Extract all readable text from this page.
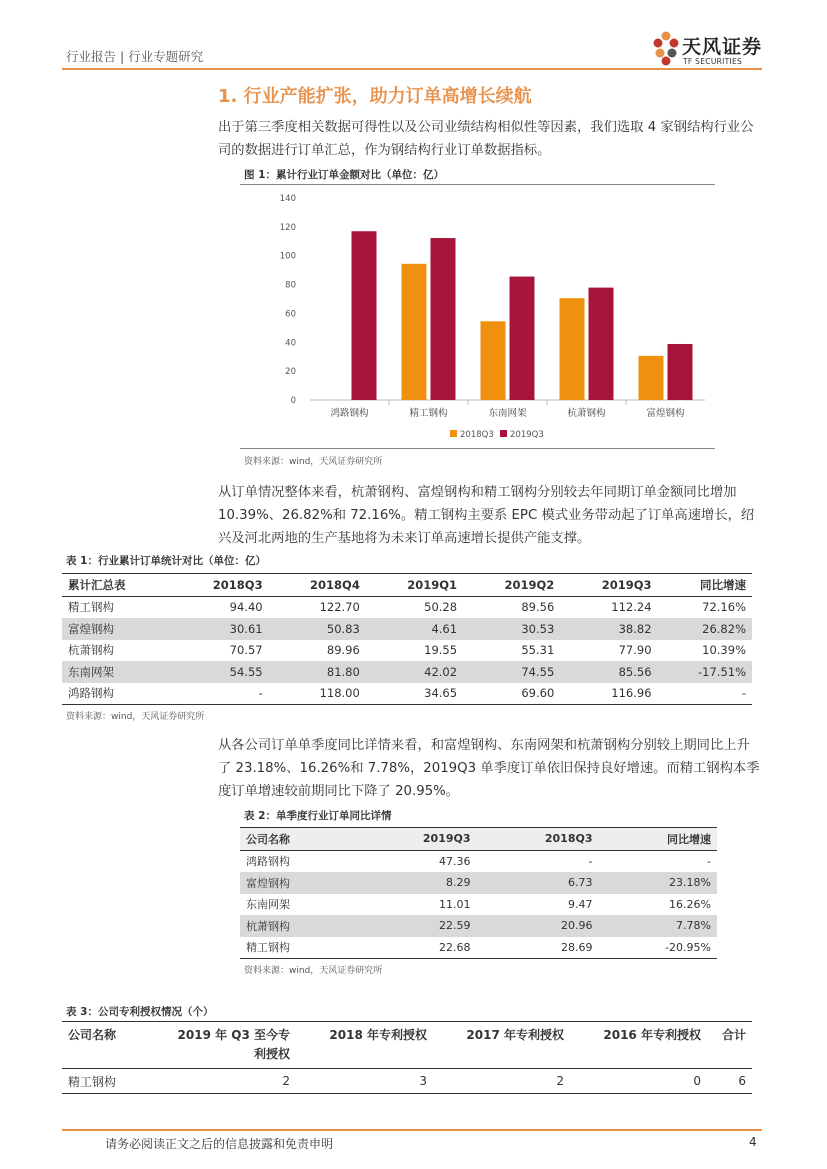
行业报告 | 行业专题研究	天风证券
TF SECURITIES
1. 行业产能扩张，助力订单高增长续航
出于第三季度相关数据可得性以及公司业绩结构相似性等因素，我们选取 4 家钢结构行业公司的数据进行订单汇总，作为钢结构行业订单数据指标。
图 1：累计行业订单金额对比（单位：亿）
140
120
100
80
60
40
20
0
鸿路钢构	精工钢构	东南网架	杭萧钢构	富煌钢构
2018Q3 2019Q3
资料来源：wind，天风证券研究所
从订单情况整体来看，杭萧钢构、富煌钢构和精工钢构分别较去年同期订单金额同比增加 10.39%、26.82%和 72.16%。精工钢构主要系 EPC 模式业务带动起了订单高速增长，绍兴及河北两地的生产基地将为未来订单高速增长提供产能支撑。
表 1：行业累计订单统计对比（单位：亿）
累计汇总表	2018Q3	2018Q4	2019Q1	2019Q2	2019Q3	同比增速
精工钢构	94.40	122.70	50.28	89.56	112.24	72.16%
富煌钢构	30.61	50.83	4.61	30.53	38.82	26.82%
杭萧钢构	70.57	89.96	19.55	55.31	77.90	10.39%
东南网架	54.55	81.80	42.02	74.55	85.56	-17.51%
鸿路钢构	-	118.00	34.65	69.60	116.96	-
资料来源：wind，天风证券研究所
从各公司订单单季度同比详情来看，和富煌钢构、东南网架和杭萧钢构分别较上期同比上升了 23.18%、16.26%和 7.78%，2019Q3 单季度订单依旧保持良好增速。而精工钢构本季度订单增速较前期同比下降了 20.95%。
表 2：单季度行业订单同比详情
公司名称	2019Q3	2018Q3	同比增速
鸿路钢构	47.36	-	-
富煌钢构	8.29	6.73	23.18%
东南网架	11.01	9.47	16.26%
杭萧钢构	22.59	20.96	7.78%
精工钢构	22.68	28.69	-20.95%
资料来源：wind，天风证券研究所
表 3：公司专利授权情况（个）
公司名称	2019 年 Q3 至今专利授权	2018 年专利授权	2017 年专利授权	2016 年专利授权	合计
精工钢构	2	3	2	0	6
请务必阅读正文之后的信息披露和免责申明	4
